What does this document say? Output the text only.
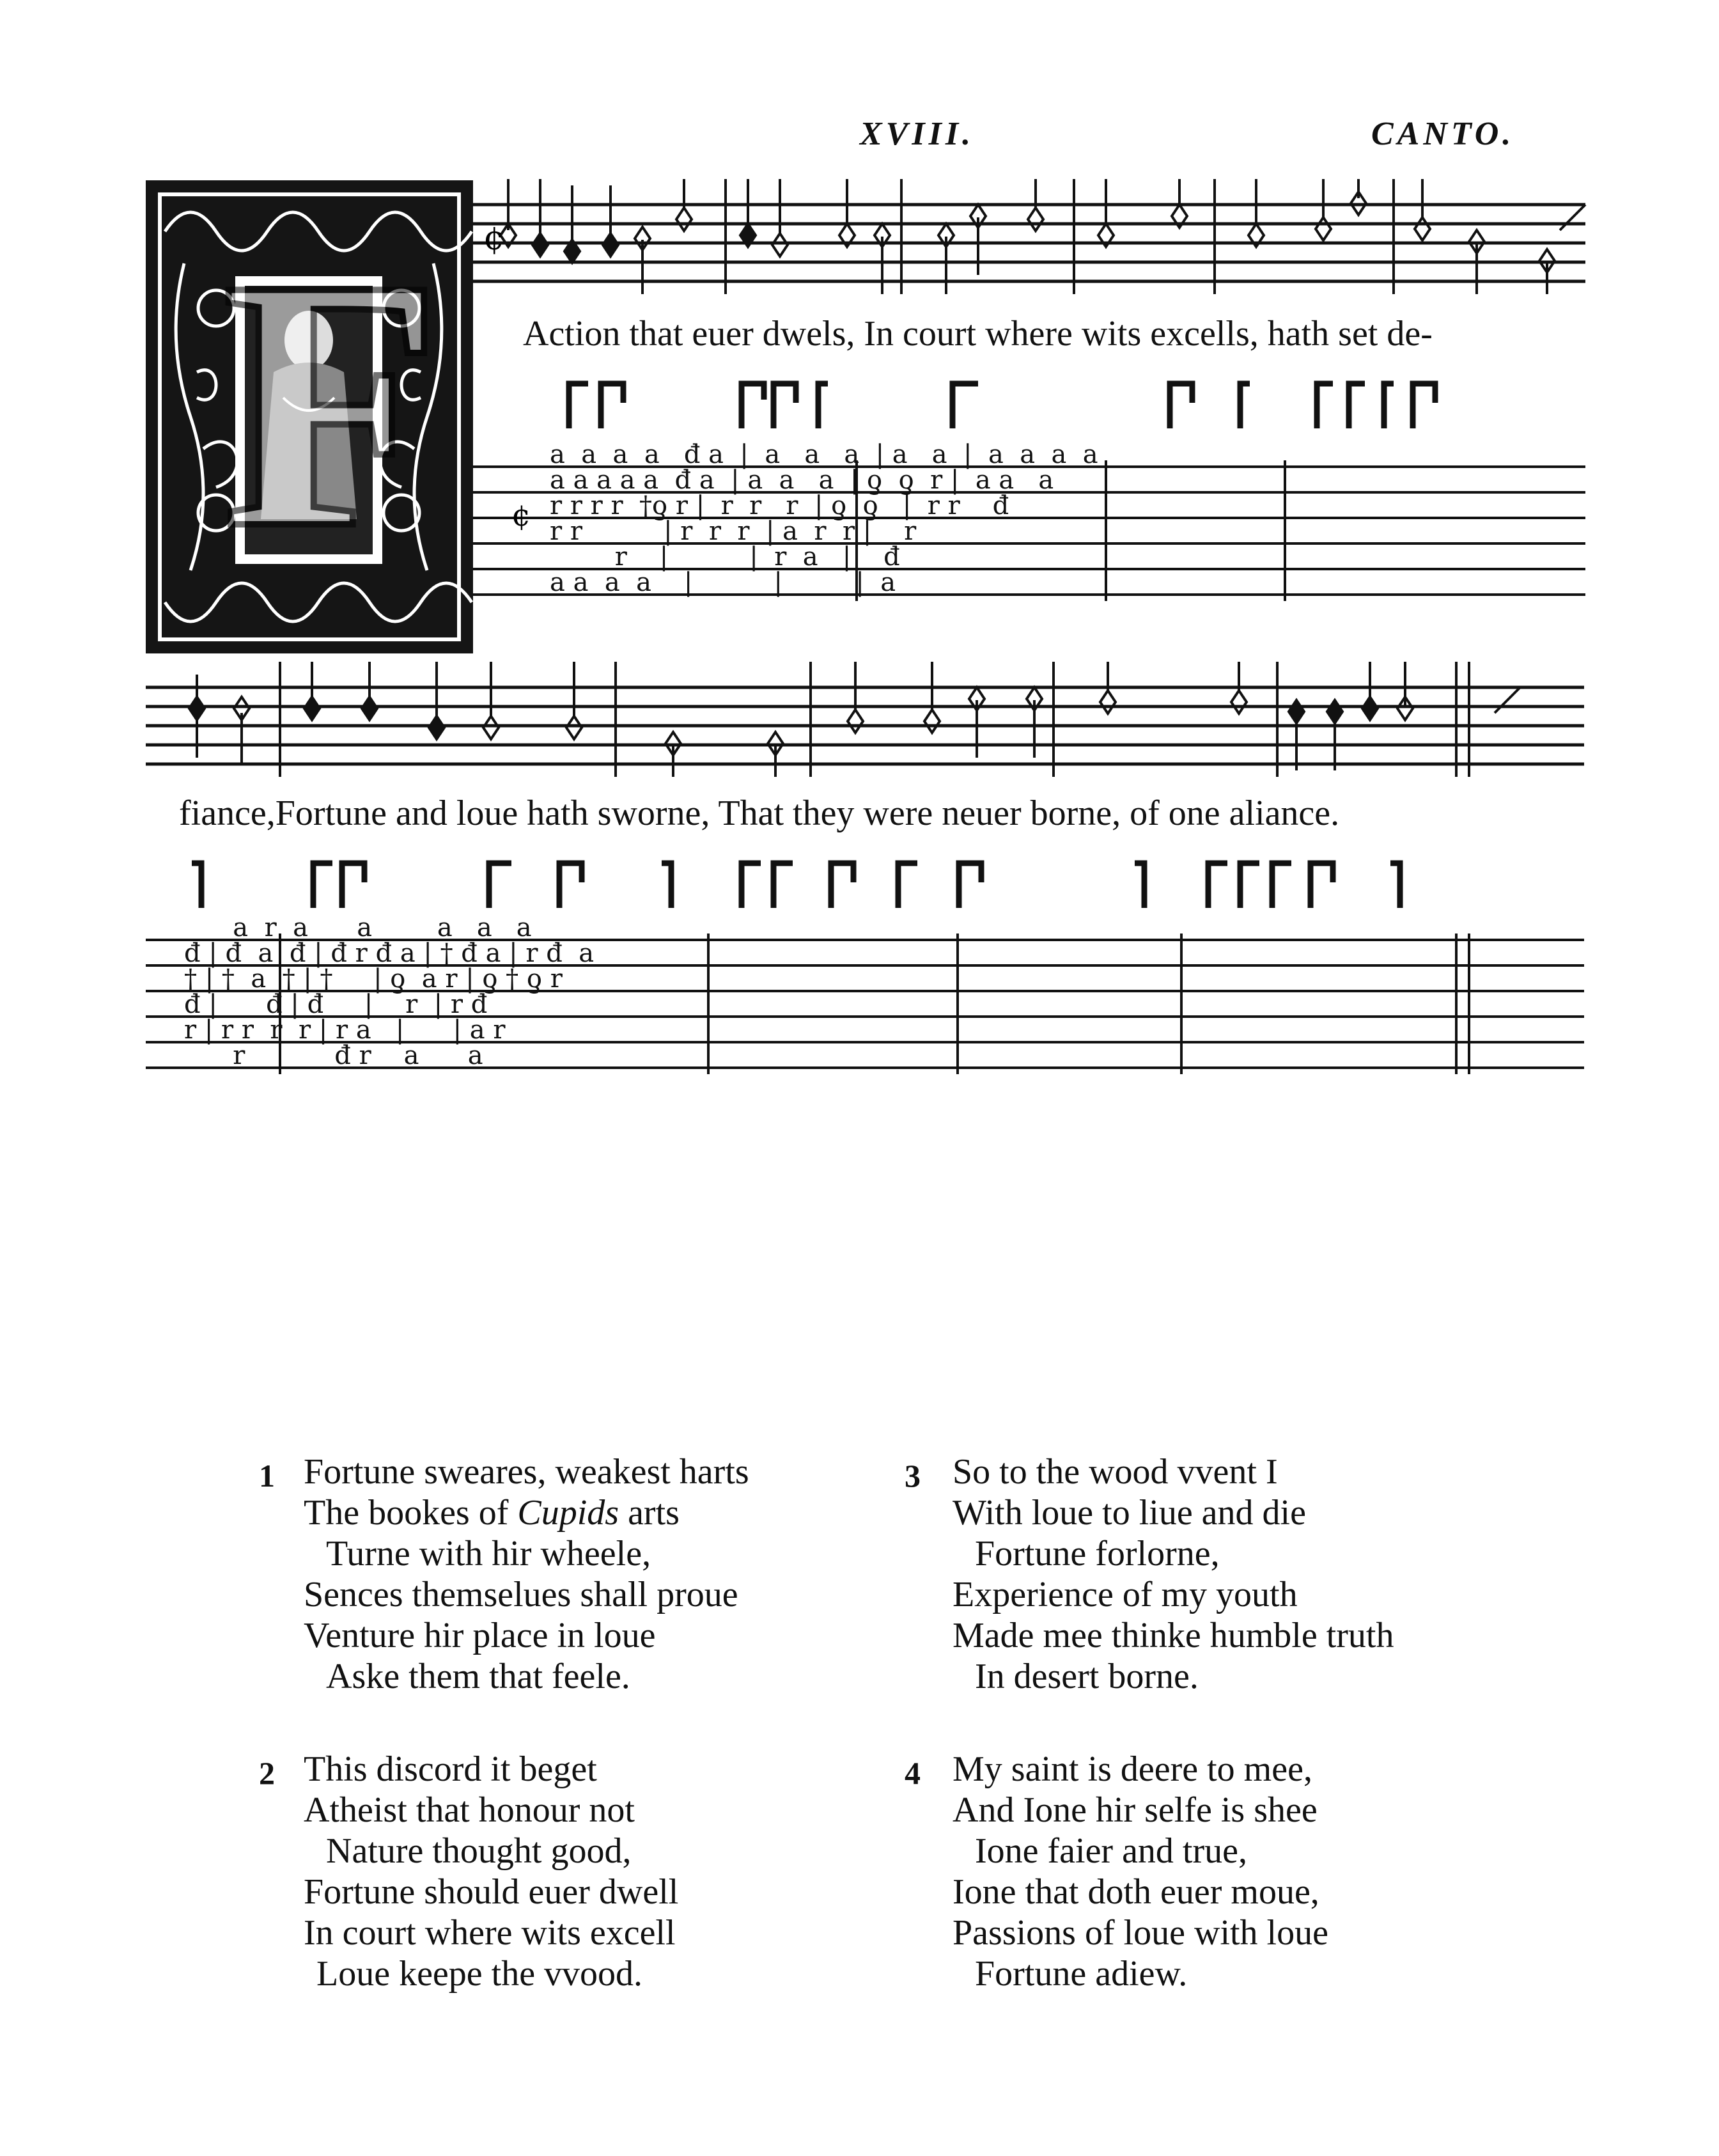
XVIII.	CANTO.
F ¢
Action that euer dwels, In court where wits excells, hath set de-
¢
a  a  a  a   đ a  |  a   a   a  | a   a  |  a  a  a  a
a a a a a  đ a  | a  a   a  | ƍ  ƍ  r |  a a   a
r r r r  †ƍ r |  r  r   r  | ƍ  ƍ   |  r r    đ
r r          | r  r  r  | a  r  r |    r
r    |          |  r  a   |    đ
a a  a  a    |          |         |  a
fiance,Fortune and loue hath sworne, That they were neuer borne, of one aliance.
a  r  a      a        a   a   a
đ | đ  a  đ | đ r đ a | † đ a | r đ  a
† | †  a  † | †     | ƍ  a r | ƍ † ƍ r
đ |      đ | đ     |    r  | r đ
r | r r  r  r | r a   |      | a r
r           đ r    a      a
1 Fortune sweares, weakest harts
The bookes of Cupids arts
Turne with hir wheele,
Sences themselues shall proue
Venture hir place in loue
Aske them that feele.
3 So to the wood vvent I
With loue to liue and die
Fortune forlorne,
Experience of my youth
Made mee thinke humble truth
In desert borne.
2 This discord it beget
Atheist that honour not
Nature thought good,
Fortune should euer dwell
In court where wits excell
Loue keepe the vvood.
4 My saint is deere to mee,
And Ione hir selfe is shee
Ione faier and true,
Ione that doth euer moue,
Passions of loue with loue
Fortune adiew.
